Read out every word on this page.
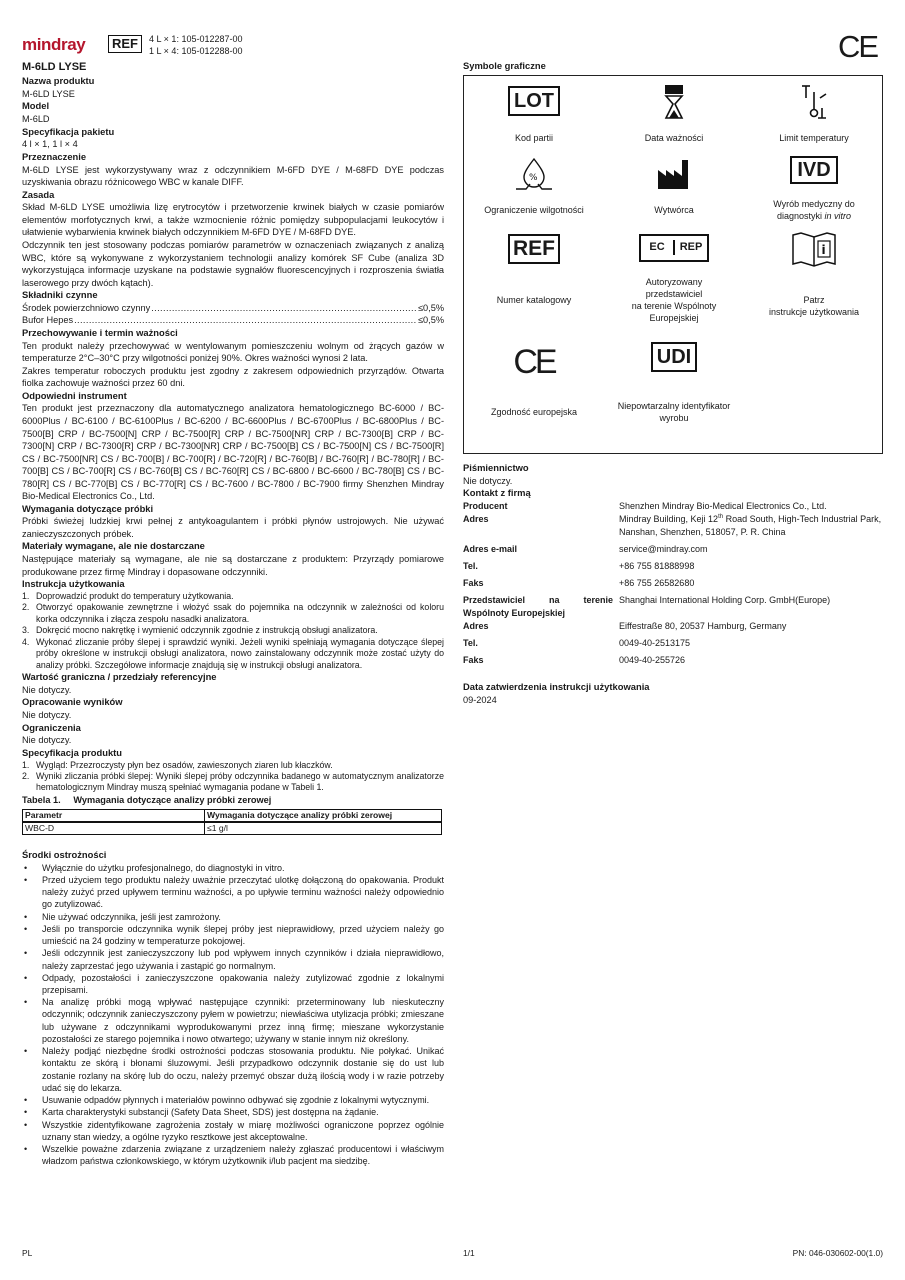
mindray	REF	4 L × 1: 105-012287-00
1 L × 4: 105-012288-00	CE
M-6LD LYSE
Nazwa produktu

M-6LD LYSE

Model

M-6LD

Specyfikacja pakietu

4 l × 1, 1 l × 4

Przeznaczenie

M-6LD LYSE jest wykorzystywany wraz z odczynnikiem M-6FD DYE / M-68FD DYE podczas uzyskiwania obrazu różnicowego WBC w kanale DIFF.

Zasada

Skład M-6LD LYSE umożliwia lizę erytrocytów i przetworzenie krwinek białych w czasie pomiarów elementów morfotycznych krwi, a także wzmocnienie różnic pomiędzy subpopulacjami leukocytów i ułatwienie wybarwienia krwinek białych odczynnikiem M-6FD DYE / M-68FD DYE.

Odczynnik ten jest stosowany podczas pomiarów parametrów w oznaczeniach związanych z analizą WBC, które są wykonywane z wykorzystaniem technologii analizy komórek SF Cube (analiza 3D wykorzystująca informacje uzyskane na podstawie sygnałów fluorescencyjnych i rozproszenia światła laserowego przy dwóch kątach).

Składniki czynne
Środek powierzchniowo czynny .....	≤0,5%
Bufor Hepes .....	≤0,5%
Przechowywanie i termin ważności

Ten produkt należy przechowywać w wentylowanym pomieszczeniu wolnym od żrących gazów w temperaturze 2°C–30°C przy wilgotności poniżej 90%. Okres ważności wynosi 2 lata.

Zakres temperatur roboczych produktu jest zgodny z zakresem odpowiednich przyrządów. Otwarta fiolka zachowuje ważności przez 60 dni.

Odpowiedni instrument

Ten produkt jest przeznaczony dla automatycznego analizatora hematologicznego BC-6000 / BC-6000Plus / BC-6100 / BC-6100Plus / BC-6200 / BC-6600Plus / BC-6700Plus / BC-6800Plus / BC-7500[B] CRP / BC-7500[N] CRP / BC-7500[R] CRP / BC-7500[NR] CRP / BC-7300[B] CRP / BC-7300[N] CRP / BC-7300[R] CRP / BC-7300[NR] CRP / BC-7500[B] CS / BC-7500[N] CS / BC-7500[R] CS / BC-7500[NR] CS / BC-700[B] / BC-700[R] / BC-720[R] / BC-760[B] / BC-760[R] / BC-780[R] / BC-700[B] CS / BC-700[R] CS / BC-760[B] CS / BC-760[R] CS / BC-6800 / BC-6600 / BC-780[B] CS / BC-780[R] CS / BC-770[B] CS / BC-770[R] CS / BC-7600 / BC-7800 / BC-7900 firmy Shenzhen Mindray Bio-Medical Electronics Co., Ltd.

Wymagania dotyczące próbki

Próbki świeżej ludzkiej krwi pełnej z antykoagulantem i próbki płynów ustrojowych. Nie używać zanieczyszczonych próbek.

Materiały wymagane, ale nie dostarczane

Następujące materiały są wymagane, ale nie są dostarczane z produktem: Przyrządy pomiarowe produkowane przez firmę Mindray i dopasowane odczynniki.

Instrukcja użytkowania
1. Doprowadzić produkt do temperatury użytkowania.
2. Otworzyć opakowanie zewnętrzne i włożyć ssak do pojemnika na odczynnik w zależności od koloru korka odczynnika i złącza zespołu nasadki analizatora.
3. Dokręcić mocno nakrętkę i wymienić odczynnik zgodnie z instrukcją obsługi analizatora.
4. Wykonać zliczanie próby ślepej i sprawdzić wyniki. Jeżeli wyniki spełniają wymagania dotyczące ślepej próby określone w instrukcji obsługi analizatora, nowo zainstalowany odczynnik może zostać użyty do analizy próbki. Szczegółowe informacje znajdują się w instrukcji obsługi analizatora.
Wartość graniczna / przedziały referencyjne

Nie dotyczy.

Opracowanie wyników

Nie dotyczy.

Ograniczenia

Nie dotyczy.

Specyfikacja produktu
1. Wygląd: Przezroczysty płyn bez osadów, zawieszonych ziaren lub kłaczków.
2. Wyniki zliczania próbki ślepej: Wyniki ślepej próby odczynnika badanego w automatycznym analizatorze hematologicznym Mindray muszą spełniać wymagania podane w Tabeli 1.
Tabela 1. Wymagania dotyczące analizy próbki zerowej
Parametr	Wymagania dotyczące analizy próbki zerowej
WBC-D	≤1 g/l
Środki ostrożności
•	Wyłącznie do użytku profesjonalnego, do diagnostyki in vitro.
•	Przed użyciem tego produktu należy uważnie przeczytać ulotkę dołączoną do opakowania. Produkt należy zużyć przed upływem terminu ważności, a po upływie terminu ważności należy odpowiednio go zutylizować.
•	Nie używać odczynnika, jeśli jest zamrożony.
•	Jeśli po transporcie odczynnika wynik ślepej próby jest nieprawidłowy, przed użyciem należy go umieścić na 24 godziny w temperaturze pokojowej.
•	Jeśli odczynnik jest zanieczyszczony lub pod wpływem innych czynników i działa nieprawidłowo, należy zaprzestać jego używania i zastąpić go normalnym.
•	Odpady, pozostałości i zanieczyszczone opakowania należy zutylizować zgodnie z lokalnymi przepisami.
•	Na analizę próbki mogą wpływać następujące czynniki: przeterminowany lub nieskuteczny odczynnik; odczynnik zanieczyszczony pyłem w powietrzu; niewłaściwa utylizacja próbki; zmieszane lub używane z odczynnikami wyprodukowanymi przez inną firmę; mieszane wykorzystanie pozostałości ze starego pojemnika i nowo otwartego; używany w stanie innym niż określony.
•	Należy podjąć niezbędne środki ostrożności podczas stosowania produktu. Nie połykać. Unikać kontaktu ze skórą i błonami śluzowymi. Jeśli przypadkowo odczynnik dostanie się do ust lub zostanie rozlany na skórę lub do oczu, należy przemyć obszar dużą ilością wody i w razie potrzeby udać się do lekarza.
•	Usuwanie odpadów płynnych i materiałów powinno odbywać się zgodnie z lokalnymi wytycznymi.
•	Karta charakterystyki substancji (Safety Data Sheet, SDS) jest dostępna na żądanie.
•	Wszystkie zidentyfikowane zagrożenia zostały w miarę możliwości ograniczone poprzez ogólnie uznany stan wiedzy, a ogólne ryzyko resztkowe jest akceptowalne.
•	Wszelkie poważne zdarzenia związane z urządzeniem należy zgłaszać producentowi i właściwym władzom państwa członkowskiego, w którym użytkownik i/lub pacjent ma siedzibę.
Symbole graficzne
LOT
Kod partii	Data ważności	Limit temperatury
%
Ograniczenie wilgotności	Wytwórca
IVD
Wyrób medyczny do
diagnostyki in vitro
REF
Numer katalogowy
EC	REP
Autoryzowany
przedstawiciel
na terenie Wspólnoty
Europejskiej
i
Patrz
instrukcje użytkowania
CE
Zgodność europejska
UDI
Niepowtarzalny identyfikator
wyrobu
Piśmiennictwo

Nie dotyczy.

Kontakt z firmą
Producent	Shenzhen Mindray Bio-Medical Electronics Co., Ltd.
Adres	Mindray Building, Keji 12th Road South, High-Tech Industrial Park, Nanshan, Shenzhen, 518057, P. R. China
Adres e-mail	service@mindray.com
Tel.	+86 755 81888998
Faks	+86 755 26582680
Przedstawiciel na terenie Wspólnoty Europejskiej
Shanghai International Holding Corp. GmbH(Europe)
Adres	Eiffestraße 80, 20537 Hamburg, Germany
Tel.	0049-40-2513175
Faks	0049-40-255726
Data zatwierdzenia instrukcji użytkowania

09-2024

PL	1/1	PN: 046-030602-00(1.0)
